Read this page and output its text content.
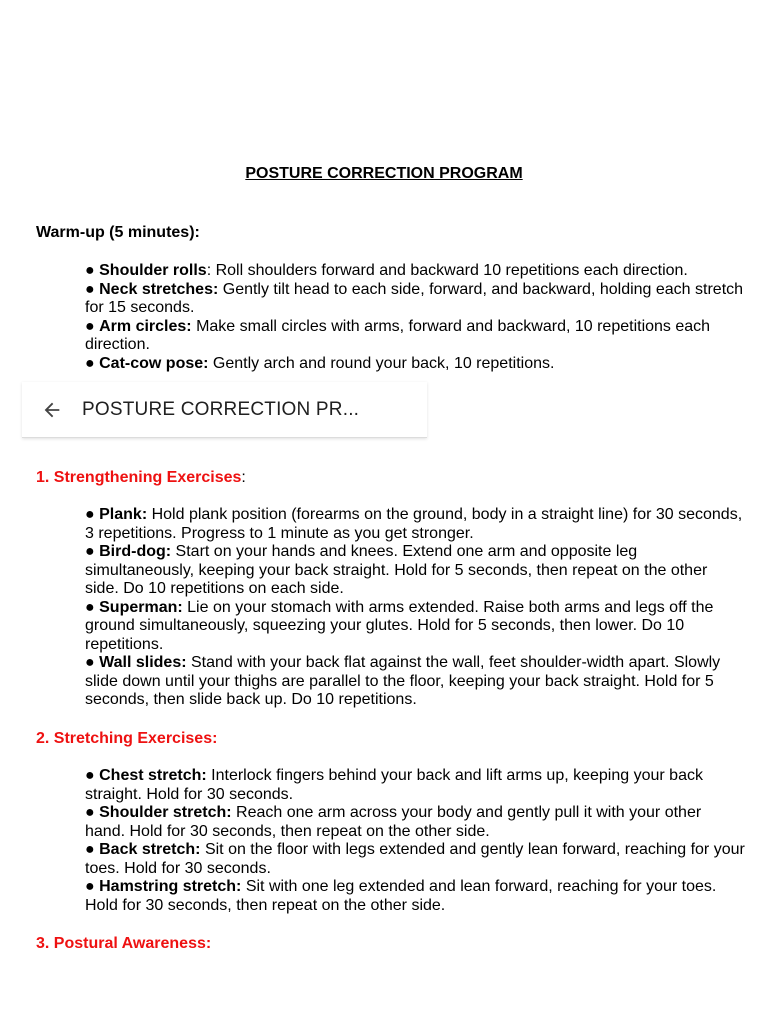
POSTURE CORRECTION PROGRAM
Warm-up (5 minutes):

● Shoulder rolls: Roll shoulders forward and backward 10 repetitions each direction.

● Neck stretches: Gently tilt head to each side, forward, and backward, holding each stretch for 15 seconds.

● Arm circles: Make small circles with arms, forward and backward, 10 repetitions each direction.

● Cat-cow pose: Gently arch and round your back, 10 repetitions.

1. Strengthening Exercises:

● Plank: Hold plank position (forearms on the ground, body in a straight line) for 30 seconds, 3 repetitions. Progress to 1 minute as you get stronger.

● Bird-dog: Start on your hands and knees. Extend one arm and opposite leg simultaneously, keeping your back straight. Hold for 5 seconds, then repeat on the other side. Do 10 repetitions on each side.

● Superman: Lie on your stomach with arms extended. Raise both arms and legs off the ground simultaneously, squeezing your glutes. Hold for 5 seconds, then lower. Do 10 repetitions.

● Wall slides: Stand with your back flat against the wall, feet shoulder-width apart. Slowly slide down until your thighs are parallel to the floor, keeping your back straight. Hold for 5 seconds, then slide back up. Do 10 repetitions.

2. Stretching Exercises:

● Chest stretch: Interlock fingers behind your back and lift arms up, keeping your back straight. Hold for 30 seconds.

● Shoulder stretch: Reach one arm across your body and gently pull it with your other hand. Hold for 30 seconds, then repeat on the other side.

● Back stretch: Sit on the floor with legs extended and gently lean forward, reaching for your toes. Hold for 30 seconds.

● Hamstring stretch: Sit with one leg extended and lean forward, reaching for your toes. Hold for 30 seconds, then repeat on the other side.

3. Postural Awareness:
POSTURE CORRECTION PR...
